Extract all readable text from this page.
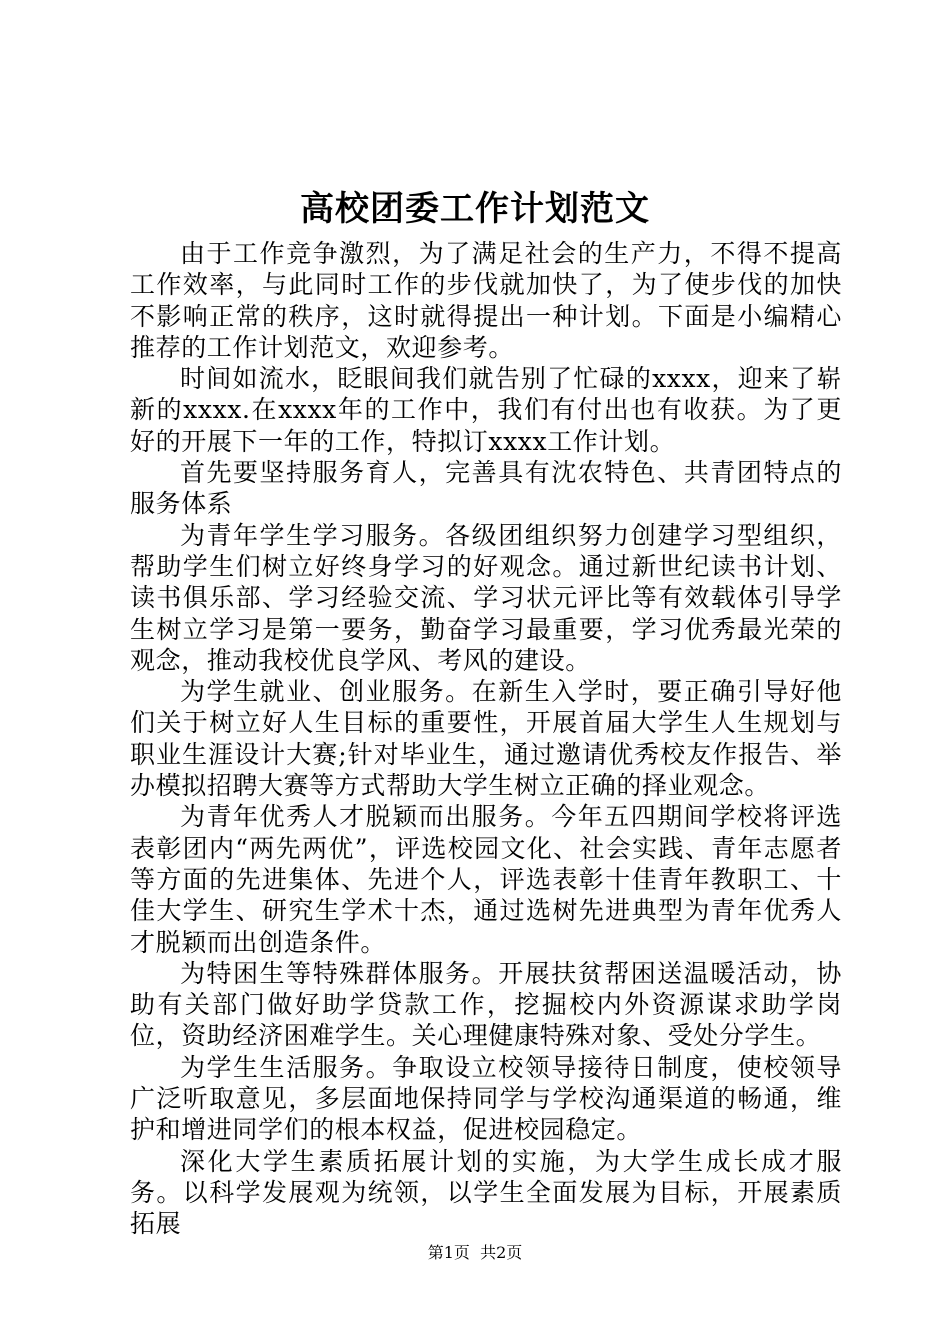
高校团委工作计划范文

由于工作竞争激烈，为了满足社会的生产力，不得不提高工作效率，与此同时工作的步伐就加快了，为了使步伐的加快不影响正常的秩序，这时就得提出一种计划。下面是小编精心推荐的工作计划范文，欢迎参考。

时间如流水，眨眼间我们就告别了忙碌的xxxx，迎来了崭新的xxxx.在xxxx年的工作中，我们有付出也有收获。为了更好的开展下一年的工作，特拟订xxxx工作计划。

首先要坚持服务育人，完善具有沈农特色、共青团特点的服务体系

为青年学生学习服务。各级团组织努力创建学习型组织，帮助学生们树立好终身学习的好观念。通过新世纪读书计划、读书俱乐部、学习经验交流、学习状元评比等有效载体引导学生树立学习是第一要务，勤奋学习最重要，学习优秀最光荣的观念，推动我校优良学风、考风的建设。

为学生就业、创业服务。在新生入学时，要正确引导好他们关于树立好人生目标的重要性，开展首届大学生人生规划与职业生涯设计大赛;针对毕业生，通过邀请优秀校友作报告、举办模拟招聘大赛等方式帮助大学生树立正确的择业观念。

为青年优秀人才脱颖而出服务。今年五四期间学校将评选表彰团内“两先两优”，评选校园文化、社会实践、青年志愿者等方面的先进集体、先进个人，评选表彰十佳青年教职工、十佳大学生、研究生学术十杰，通过选树先进典型为青年优秀人才脱颖而出创造条件。

为特困生等特殊群体服务。开展扶贫帮困送温暖活动，协助有关部门做好助学贷款工作，挖掘校内外资源谋求助学岗位，资助经济困难学生。关心理健康特殊对象、受处分学生。

为学生生活服务。争取设立校领导接待日制度，使校领导广泛听取意见，多层面地保持同学与学校沟通渠道的畅通，维护和增进同学们的根本权益，促进校园稳定。

深化大学生素质拓展计划的实施，为大学生成长成才服务。以科学发展观为统领，以学生全面发展为目标，开展素质拓展

第1页  共2页
